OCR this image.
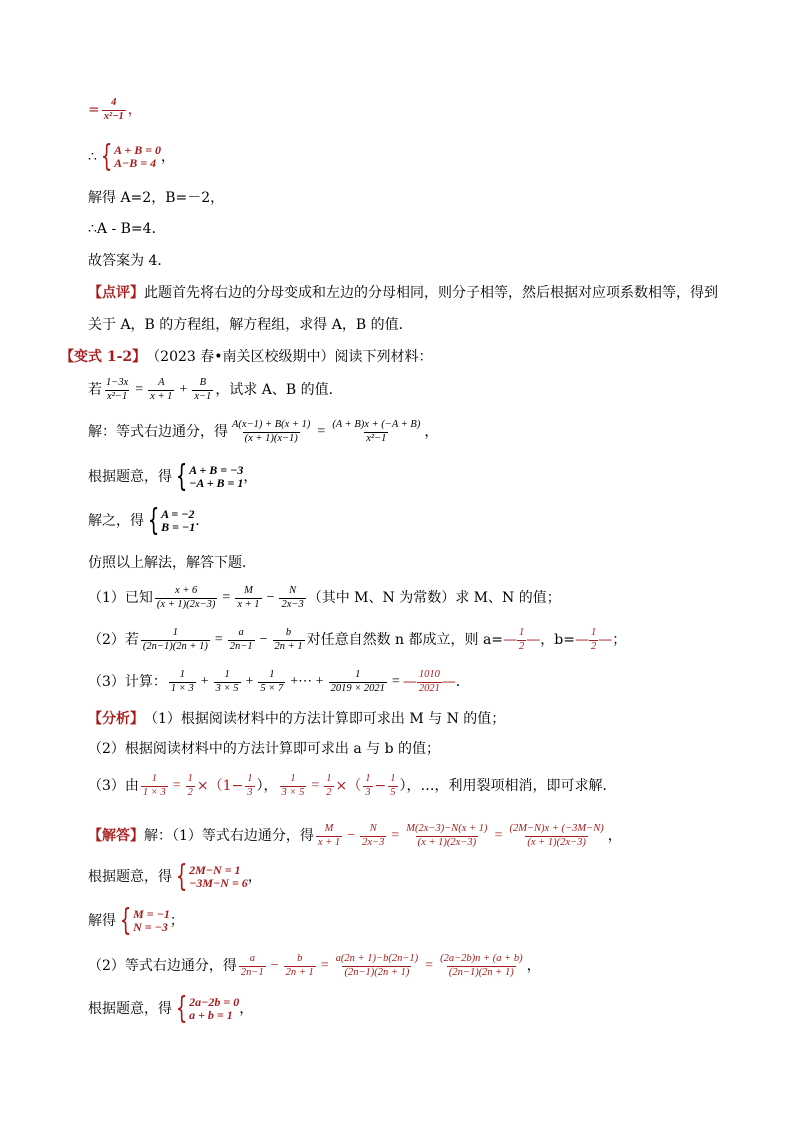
= $\frac{4}{\text{x²−1}}$ ，
∴ { A + B = 0
A−B = 4 ，
解得 A=2，B=－2，
∴A - B=4．
故答案为 4．
【点评】 此题首先将右边的分母变成和左边的分母相同，则分子相等，然后根据对应项系数相等，得到
关于 A，B 的方程组，解方程组，求得 A，B 的值．
【变式 1-2】 （2023 春•南关区校级期中）阅读下列材料：
若 $\frac{1-3x}{\text{x²−1}} = \frac{A}{x + 1} + \frac{B}{x-1}$ ，试求 A、B 的值．
解：等式右边通分，得 $\frac{A(x-1) + B(x + 1)}{(x + 1)(x-1)} = \frac{(A + B)x + (-A + B)}{\text{x²−1}}$ ，
根据题意，得 { A + B = −3
−A + B = 1 ，
解之，得 { A = −2
B = −1 ．
仿照以上解法，解答下题．
（1）已知 $\frac{x + 6}{(x + 1)(2x-3)} = \frac{M}{x + 1} - \frac{N}{2x-3}$ （其中 M、N 为常数）求 M、N 的值；
（2）若 $\frac{1}{(2n-1)(2n + 1)} = \frac{a}{2n-1} - \frac{b}{2n + 1}$ 对任意自然数 n 都成立，则 a= — $\frac{1}{2}$ — ，b= — $\frac{1}{2}$ — ；
（3）计算： $\frac{1}{1 \times 3} + \frac{1}{3 \times 5} + \frac{1}{5 \times 7}$ +⋯ + $\frac{1}{2019 \times 2021}$ = — $\frac{1010}{2021}$ — ．
【分析】 （1）根据阅读材料中的方法计算即可求出 M 与 N 的值；
（2）根据阅读材料中的方法计算即可求出 a 与 b 的值；
（3）由 $\frac{1}{1 \times 3} = \frac{1}{2} \times(1- \frac{1}{3}$ ）， $\frac{1}{3 \times 5} = \frac{1}{2}$ ×（ $\frac{1}{3} - \frac{1}{5}$ ），…，利用裂项相消，即可求解．
【解答】 解：（1）等式右边通分，得 $\frac{M}{x + 1} - \frac{N}{2x-3} = \frac{M(2x-3)-N(x + 1)}{(x + 1)(2x-3)} = \frac{(2M-N)x + (-3M-N)}{(x + 1)(2x-3)}$ ，
根据题意，得 { 2M−N = 1
−3M−N = 6 ，
解得 { M = −1
N = −3 ；
（2）等式右边通分，得 $\frac{a}{2n-1} - \frac{b}{2n + 1} = \frac{a(2n + 1)-b(2n-1)}{(2n-1)(2n + 1)} = \frac{(2a-2b)n + (a + b)}{(2n-1)(2n + 1)}$ ，
根据题意，得 { 2a−2b = 0
a + b = 1 ，
